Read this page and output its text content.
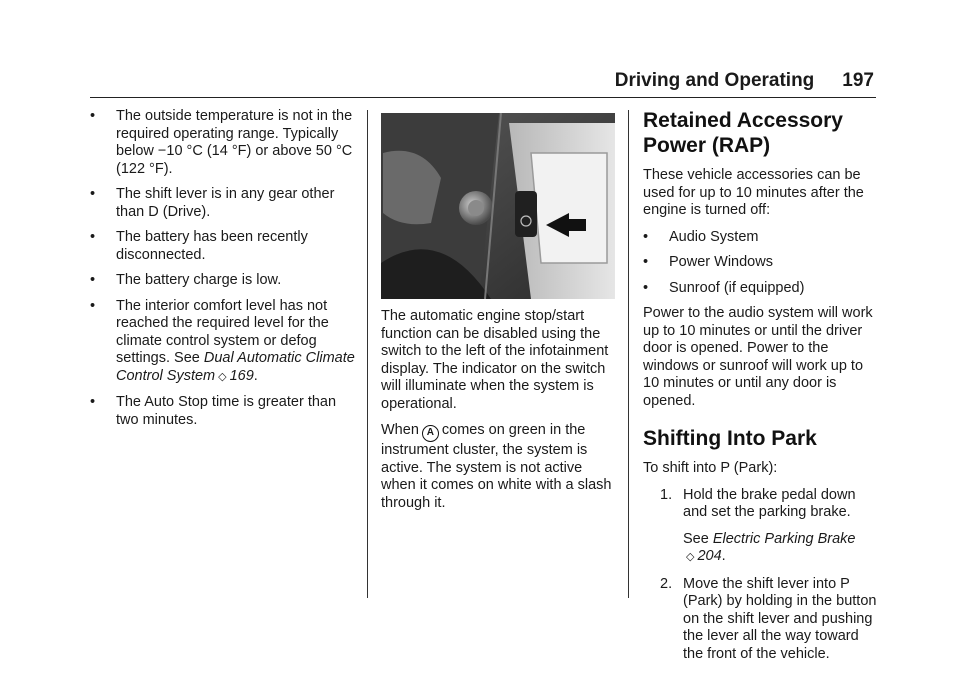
Driving and Operating 197
• The outside temperature is not in the required operating range. Typically below −10 °C (14 °F) or above 50 °C (122 °F).
• The shift lever is in any gear other than D (Drive).
• The battery has been recently disconnected.
• The battery charge is low.
• The interior comfort level has not reached the required level for the climate control system or defog settings. See Dual Automatic Climate Control System ◇ 169.
• The Auto Stop time is greater than two minutes.

The automatic engine stop/start function can be disabled using the switch to the left of the infotainment display. The indicator on the switch will illuminate when the system is operational.

When A comes on green in the instrument cluster, the system is active. The system is not active when it comes on white with a slash through it.

Retained Accessory Power (RAP)

These vehicle accessories can be used for up to 10 minutes after the engine is turned off:

• Audio System
• Power Windows
• Sunroof (if equipped)

Power to the audio system will work up to 10 minutes or until the driver door is opened. Power to the windows or sunroof will work up to 10 minutes or until any door is opened.

Shifting Into Park

To shift into P (Park):

1. Hold the brake pedal down and set the parking brake.
See Electric Parking Brake
◇ 204.
2. Move the shift lever into P (Park) by holding in the button on the shift lever and pushing the lever all the way toward the front of the vehicle.
